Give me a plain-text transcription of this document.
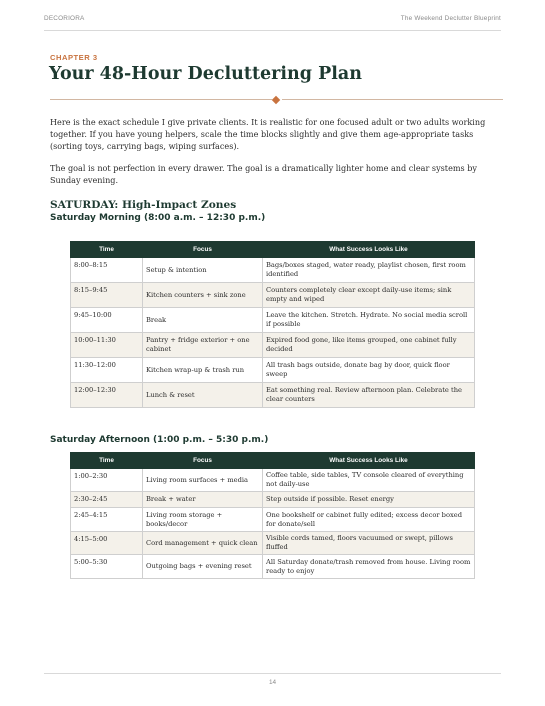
DECORIORA	The Weekend Declutter Blueprint
CHAPTER 3
Your 48-Hour Decluttering Plan

Here is the exact schedule I give private clients. It is realistic for one focused adult or two adults working together. If you have young helpers, scale the time blocks slightly and give them age-appropriate tasks (sorting toys, carrying bags, wiping surfaces).

The goal is not perfection in every drawer. The goal is a dramatically lighter home and clear systems by Sunday evening.

SATURDAY: High-Impact Zones
Saturday Morning (8:00 a.m. – 12:30 p.m.)
Time	Focus	What Success Looks Like
8:00–8:15	Setup & intention	Bags/boxes staged, water ready, playlist chosen, first room identified
8:15–9:45	Kitchen counters + sink zone	Counters completely clear except daily-use items; sink empty and wiped
9:45–10:00	Break	Leave the kitchen. Stretch. Hydrate. No social media scroll if possible
10:00–11:30	Pantry + fridge exterior + one cabinet	Expired food gone, like items grouped, one cabinet fully decided
11:30–12:00	Kitchen wrap-up & trash run	All trash bags outside, donate bag by door, quick floor sweep
12:00–12:30	Lunch & reset	Eat something real. Review afternoon plan. Celebrate the clear counters
Saturday Afternoon (1:00 p.m. – 5:30 p.m.)
Time	Focus	What Success Looks Like
1:00–2:30	Living room surfaces + media	Coffee table, side tables, TV console cleared of everything not daily-use
2:30–2:45	Break + water	Step outside if possible. Reset energy
2:45–4:15	Living room storage + books/decor	One bookshelf or cabinet fully edited; excess decor boxed for donate/sell
4:15–5:00	Cord management + quick clean	Visible cords tamed, floors vacuumed or swept, pillows fluffed
5:00–5:30	Outgoing bags + evening reset	All Saturday donate/trash removed from house. Living room ready to enjoy
14
